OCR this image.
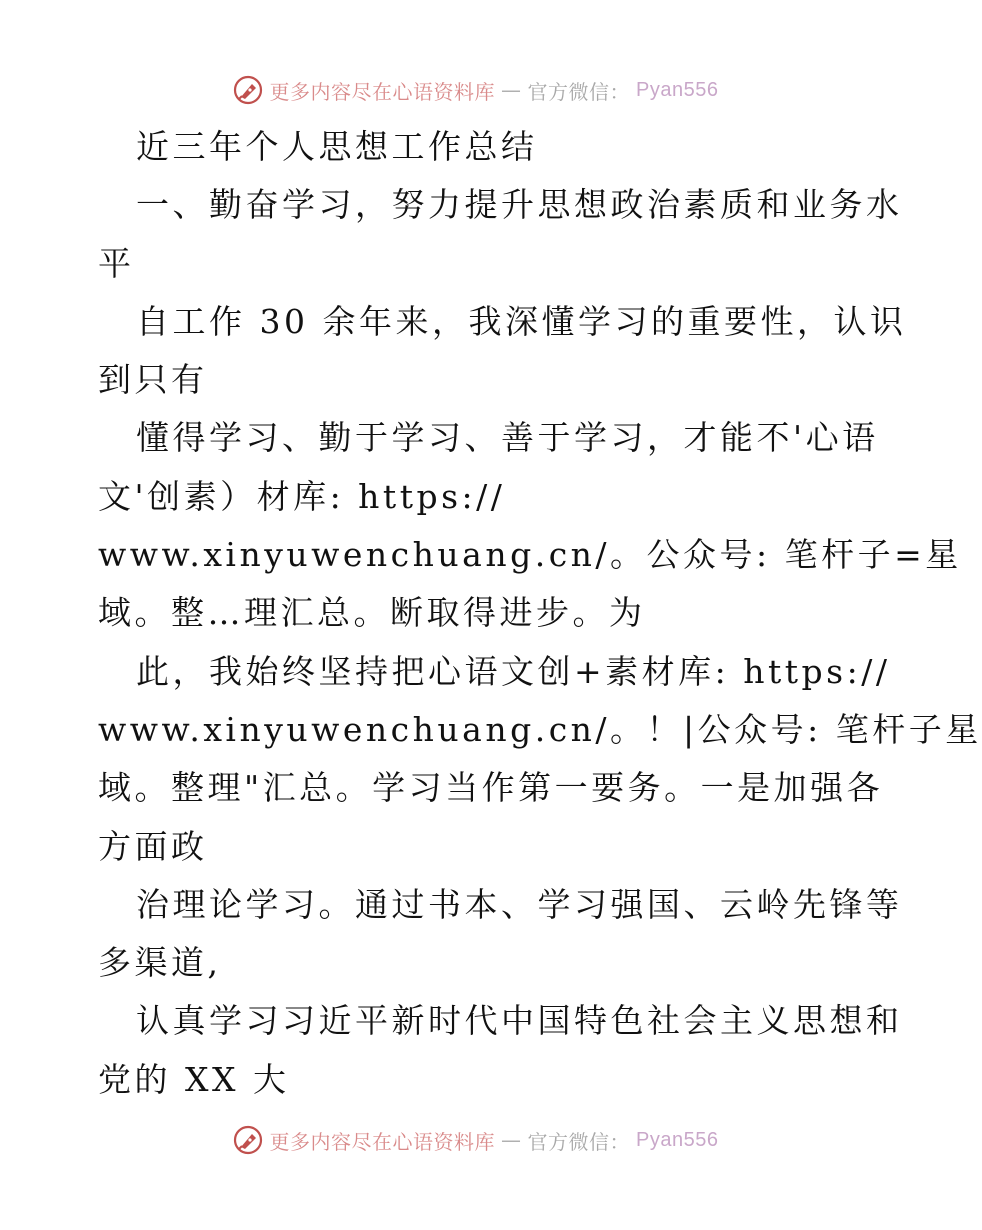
更多内容尽在心语资料库 — 官方微信： Pyan556
近三年个人思想工作总结
一、勤奋学习，努力提升思想政治素质和业务水
平
自工作 30 余年来，我深懂学习的重要性，认识
到只有
懂得学习、勤于学习、善于学习，才能不'心语
文'创素）材库: https://
www.xinyuwenchuang.cn/。公众号: 笔杆子=星
域。整…理汇总。断取得进步。为
此，我始终坚持把心语文创+素材库: https://
www.xinyuwenchuang.cn/。！|公众号: 笔杆子星
域。整理"汇总。学习当作第一要务。一是加强各
方面政
治理论学习。通过书本、学习强国、云岭先锋等
多渠道,
认真学习习近平新时代中国特色社会主义思想和
党的 XX 大
更多内容尽在心语资料库 — 官方微信： Pyan556
